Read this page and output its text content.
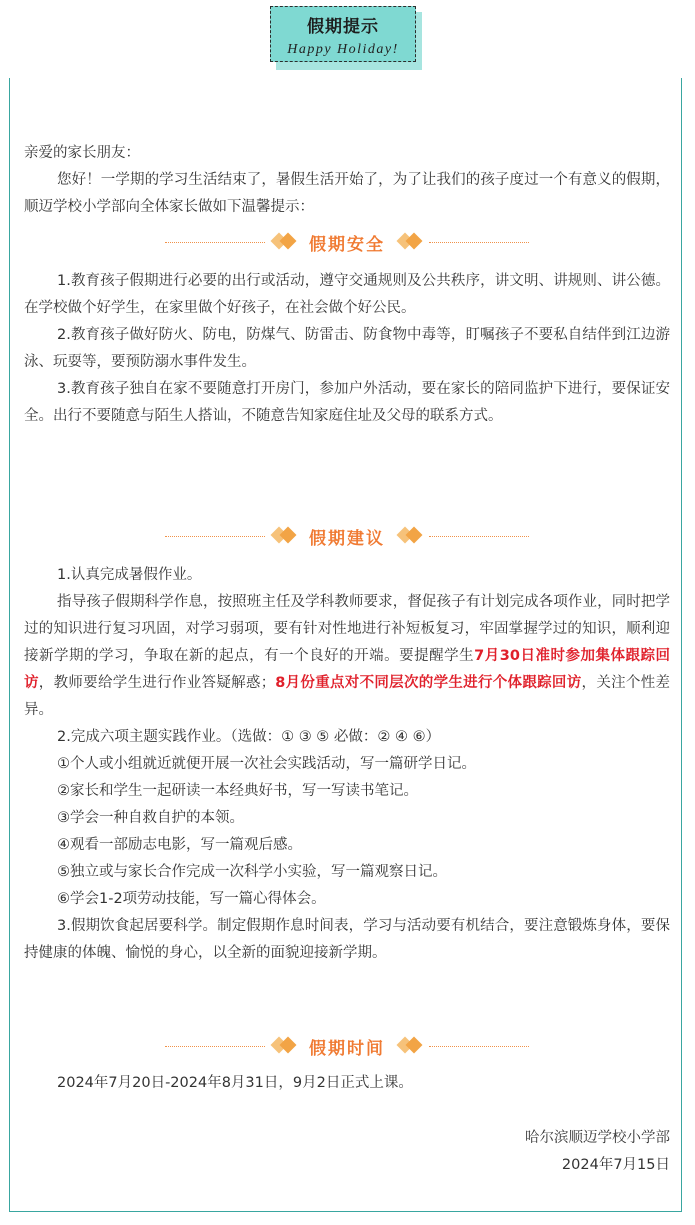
假期提示
Happy Holiday!

亲爱的家长朋友：

您好！一学期的学习生活结束了，暑假生活开始了，为了让我们的孩子度过一个有意义的假期，顺迈学校小学部向全体家长做如下温馨提示：

假期安全

1.教育孩子假期进行必要的出行或活动，遵守交通规则及公共秩序，讲文明、讲规则、讲公德。在学校做个好学生，在家里做个好孩子，在社会做个好公民。

2.教育孩子做好防火、防电，防煤气、防雷击、防食物中毒等，盯嘱孩子不要私自结伴到江边游泳、玩耍等，要预防溺水事件发生。

3.教育孩子独自在家不要随意打开房门，参加户外活动，要在家长的陪同监护下进行，要保证安全。出行不要随意与陌生人搭讪，不随意告知家庭住址及父母的联系方式。

假期建议

1.认真完成暑假作业。

指导孩子假期科学作息，按照班主任及学科教师要求，督促孩子有计划完成各项作业，同时把学过的知识进行复习巩固，对学习弱项，要有针对性地进行补短板复习，牢固掌握学过的知识，顺利迎接新学期的学习，争取在新的起点，有一个良好的开端。要提醒学生7月30日准时参加集体跟踪回访，教师要给学生进行作业答疑解惑；8月份重点对不同层次的学生进行个体跟踪回访，关注个性差异。

2.完成六项主题实践作业。（选做：① ③ ⑤ 必做：② ④ ⑥）

①个人或小组就近就便开展一次社会实践活动，写一篇研学日记。

②家长和学生一起研读一本经典好书，写一写读书笔记。

③学会一种自救自护的本领。

④观看一部励志电影，写一篇观后感。

⑤独立或与家长合作完成一次科学小实验，写一篇观察日记。

⑥学会1-2项劳动技能，写一篇心得体会。

3.假期饮食起居要科学。制定假期作息时间表，学习与活动要有机结合，要注意锻炼身体，要保持健康的体魄、愉悦的身心，以全新的面貌迎接新学期。

假期时间

2024年7月20日-2024年8月31日，9月2日正式上课。

哈尔滨顺迈学校小学部

2024年7月15日
